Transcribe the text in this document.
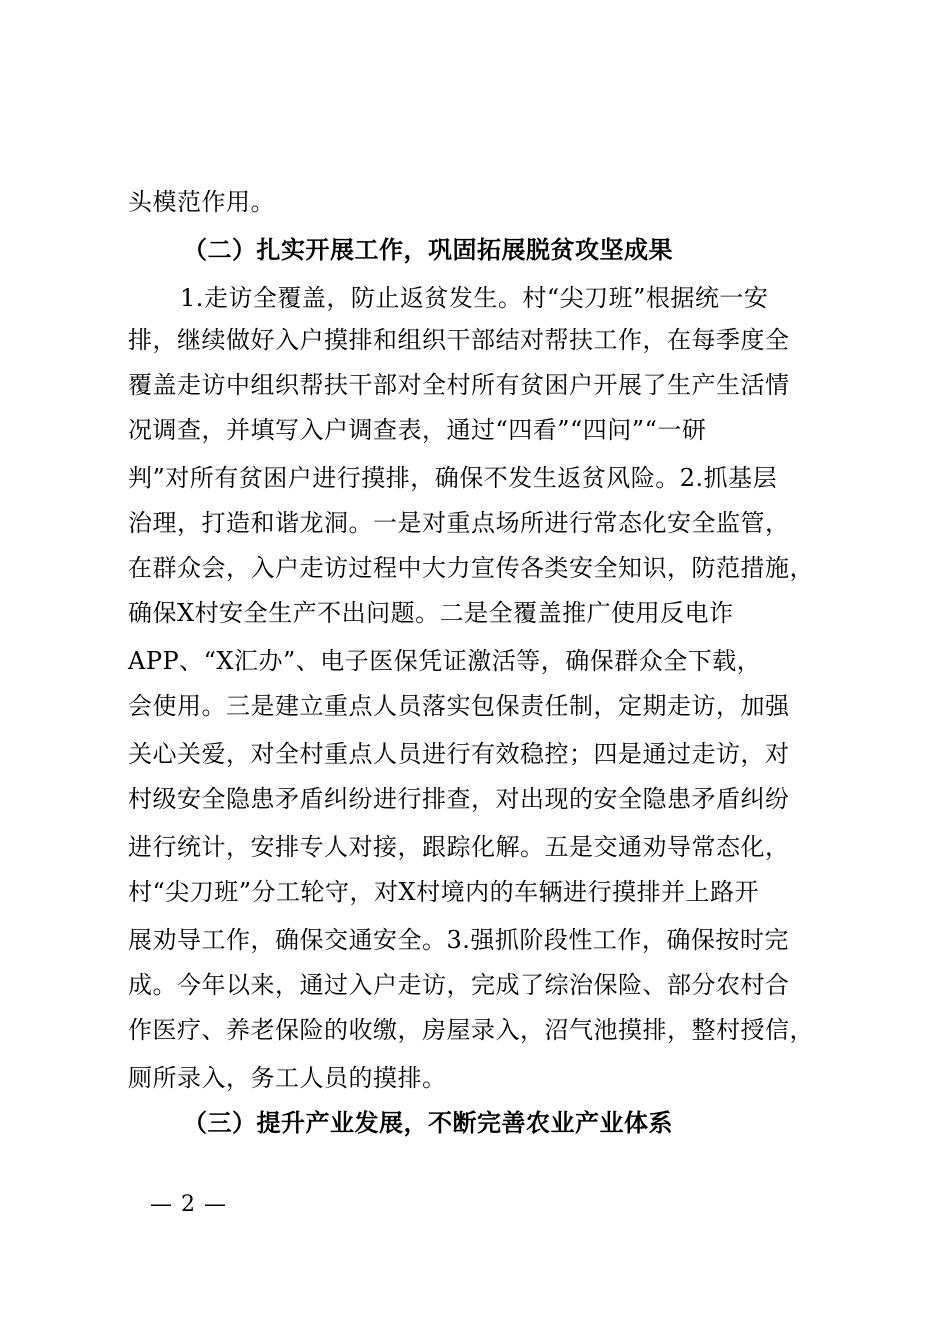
头模范作用。
（二）扎实开展工作，巩固拓展脱贫攻坚成果
1.走访全覆盖，防止返贫发生。村“尖刀班”根据统一安
排，继续做好入户摸排和组织干部结对帮扶工作，在每季度全
覆盖走访中组织帮扶干部对全村所有贫困户开展了生产生活情
况调查，并填写入户调查表，通过“四看”“四问”“一研
判”对所有贫困户进行摸排，确保不发生返贫风险。2.抓基层
治理，打造和谐龙洞。一是对重点场所进行常态化安全监管，
在群众会，入户走访过程中大力宣传各类安全知识，防范措施，
确保X村安全生产不出问题。二是全覆盖推广使用反电诈
APP、“X汇办”、电子医保凭证激活等，确保群众全下载，
会使用。三是建立重点人员落实包保责任制，定期走访，加强
关心关爱，对全村重点人员进行有效稳控；四是通过走访，对
村级安全隐患矛盾纠纷进行排查，对出现的安全隐患矛盾纠纷
进行统计，安排专人对接，跟踪化解。五是交通劝导常态化，
村“尖刀班”分工轮守，对X村境内的车辆进行摸排并上路开
展劝导工作，确保交通安全。3.强抓阶段性工作，确保按时完
成。今年以来，通过入户走访，完成了综治保险、部分农村合
作医疗、养老保险的收缴，房屋录入，沼气池摸排，整村授信，
厕所录入，务工人员的摸排。
（三）提升产业发展，不断完善农业产业体系
— 2 —
